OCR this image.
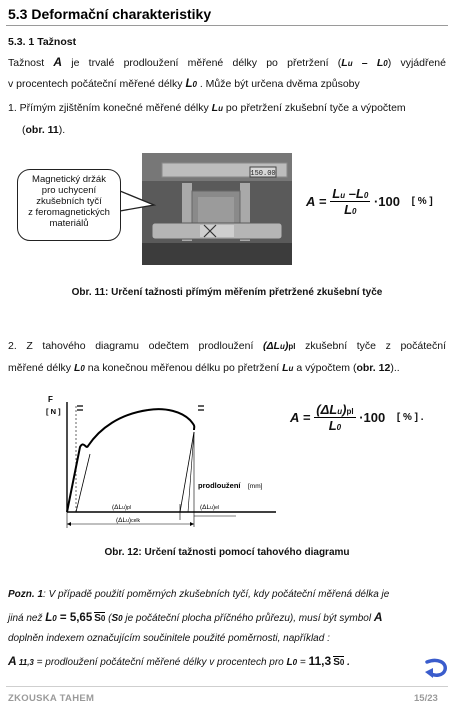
5.3 Deformační charakteristiky
5.3. 1 Tažnost
Tažnost A je trvalé prodloužení měřené délky po přetržení (Lu – L0) vyjádřené
v procentech počáteční měřené délky L0 . Může být určena dvěma způsoby
1. Přímým zjištěním konečné měřené délky Lu po přetržení zkušební tyče a výpočtem
(obr. 11).
150.00
Magnetický držák
pro uchycení
zkušebních tyčí
z feromagnetických
materiálů
$A = \frac{Lu -L0}{L0} \cdot 100$ [ % ]
Obr. 11: Určení tažnosti přímým měřením přetržené zkušební tyče
2. Z tahového diagramu odečtem prodloužení (ΔLu)pl zkušební tyče z počáteční
měřené délky L0 na konečnou měřenou délku po přetržení Lu a výpočtem (obr. 12)..
F
[ N ]
prodloužení [mm]
(ΔLu)pl
(ΔLu)celk
(ΔLu)el
$A = \frac{\text{(ΔLu)pl}}{L0} \cdot 100$ [ % ] .
Obr. 12: Určení tažnosti pomocí tahového diagramu
Pozn. 1: V případě použití poměrných zkušebních tyčí, kdy počáteční měřená délka je
jiná než L0 = 5,65 S0 (S0 je počáteční plocha příčného průřezu), musí být symbol A
doplněn indexem označujícím součinitele použité poměrnosti, například :
A 11,3 = prodloužení počáteční měřené délky v procentech pro L0 = 11,3 S0 .
ZKOUSKA TAHEM	15/23
